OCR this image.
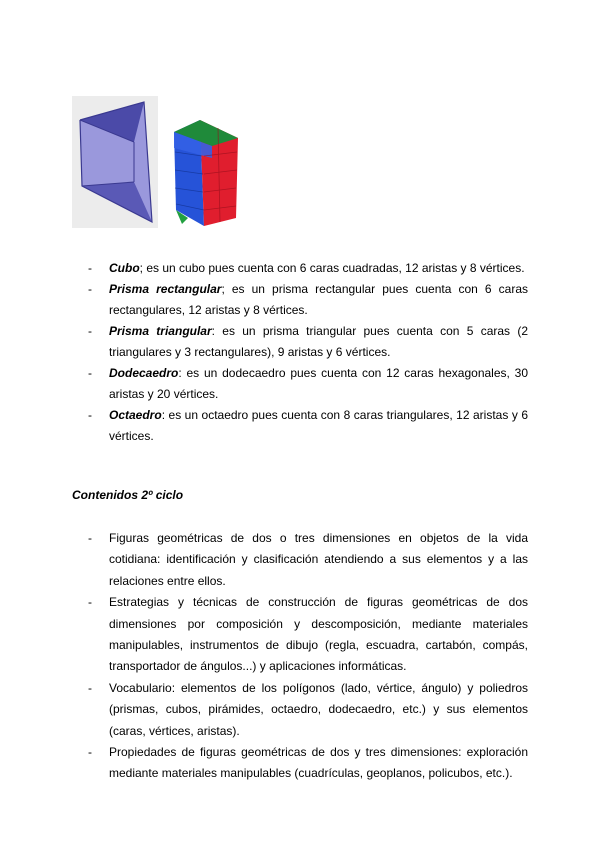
- Cubo; es un cubo pues cuenta con 6 caras cuadradas, 12 aristas y 8 vértices.
- Prisma rectangular; es un prisma rectangular pues cuenta con 6 caras rectangulares, 12 aristas y 8 vértices.
- Prisma triangular: es un prisma triangular pues cuenta con 5 caras (2 triangulares y 3 rectangulares), 9 aristas y 6 vértices.
- Dodecaedro: es un dodecaedro pues cuenta con 12 caras hexagonales, 30 aristas y 20 vértices.
- Octaedro: es un octaedro pues cuenta con 8 caras triangulares, 12 aristas y 6 vértices.
Contenidos 2º ciclo
- Figuras geométricas de dos o tres dimensiones en objetos de la vida cotidiana: identificación y clasificación atendiendo a sus elementos y a las relaciones entre ellos.
- Estrategias y técnicas de construcción de figuras geométricas de dos dimensiones por composición y descomposición, mediante materiales manipulables, instrumentos de dibujo (regla, escuadra, cartabón, compás, transportador de ángulos...) y aplicaciones informáticas.
- Vocabulario: elementos de los polígonos (lado, vértice, ángulo) y poliedros (prismas, cubos, pirámides, octaedro, dodecaedro, etc.) y sus elementos (caras, vértices, aristas).
- Propiedades de figuras geométricas de dos y tres dimensiones: exploración mediante materiales manipulables (cuadrículas, geoplanos, policubos, etc.).
